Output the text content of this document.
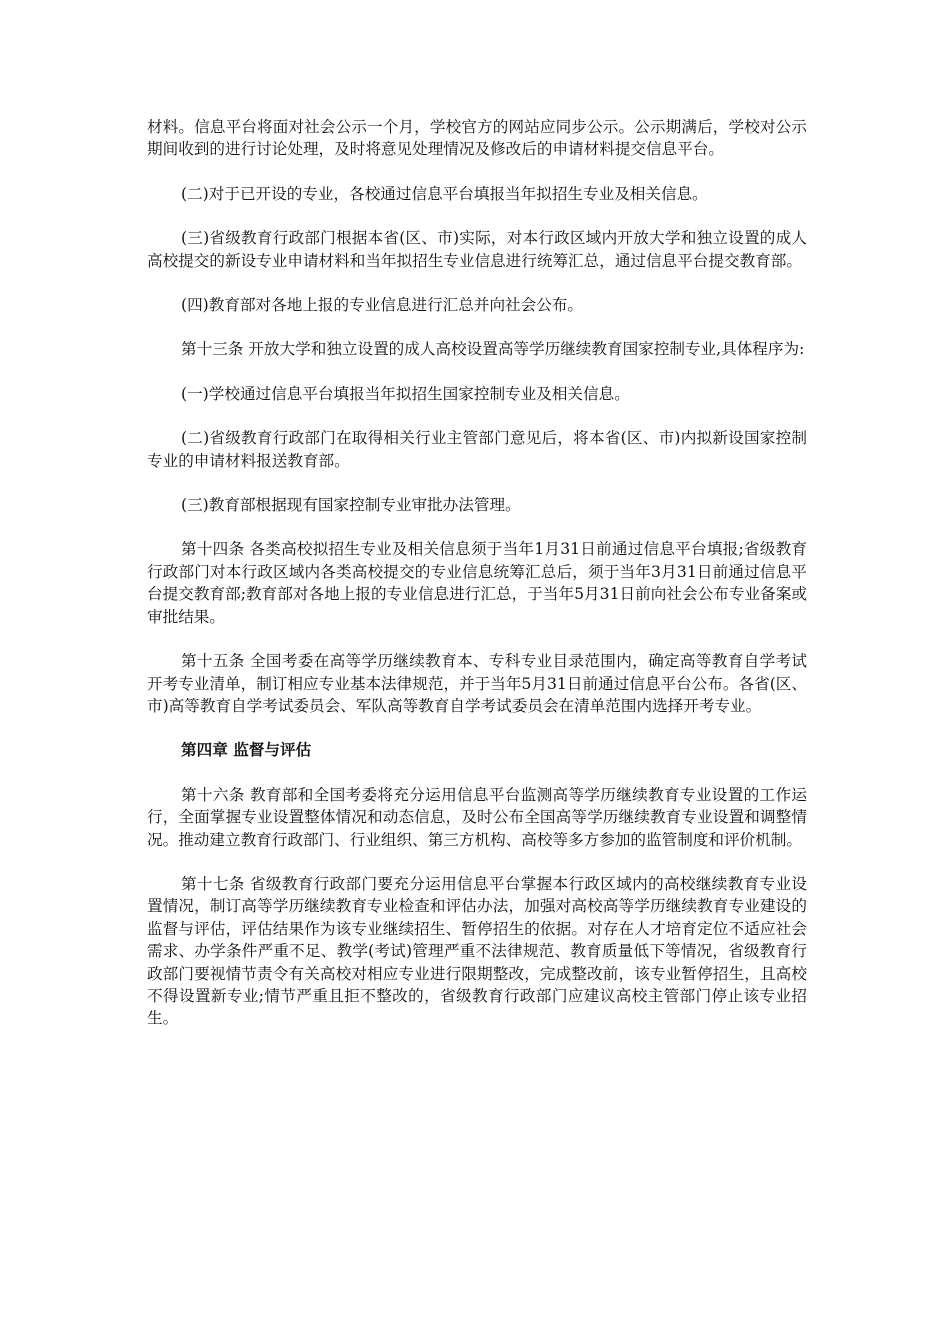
材料。信息平台将面对社会公示一个月，学校官方的网站应同步公示。公示期满后，学校对公示期间收到的进行讨论处理，及时将意见处理情况及修改后的申请材料提交信息平台。

(二)对于已开设的专业，各校通过信息平台填报当年拟招生专业及相关信息。

(三)省级教育行政部门根据本省(区、市)实际，对本行政区域内开放大学和独立设置的成人高校提交的新设专业申请材料和当年拟招生专业信息进行统筹汇总，通过信息平台提交教育部。

(四)教育部对各地上报的专业信息进行汇总并向社会公布。

第十三条 开放大学和独立设置的成人高校设置高等学历继续教育国家控制专业,具体程序为:

(一)学校通过信息平台填报当年拟招生国家控制专业及相关信息。

(二)省级教育行政部门在取得相关行业主管部门意见后，将本省(区、市)内拟新设国家控制专业的申请材料报送教育部。

(三)教育部根据现有国家控制专业审批办法管理。

第十四条 各类高校拟招生专业及相关信息须于当年1月31日前通过信息平台填报;省级教育行政部门对本行政区域内各类高校提交的专业信息统筹汇总后，须于当年3月31日前通过信息平台提交教育部;教育部对各地上报的专业信息进行汇总，于当年5月31日前向社会公布专业备案或审批结果。

第十五条 全国考委在高等学历继续教育本、专科专业目录范围内，确定高等教育自学考试开考专业清单，制订相应专业基本法律规范，并于当年5月31日前通过信息平台公布。各省(区、市)高等教育自学考试委员会、军队高等教育自学考试委员会在清单范围内选择开考专业。

第四章 监督与评估

第十六条 教育部和全国考委将充分运用信息平台监测高等学历继续教育专业设置的工作运行，全面掌握专业设置整体情况和动态信息，及时公布全国高等学历继续教育专业设置和调整情况。推动建立教育行政部门、行业组织、第三方机构、高校等多方参加的监管制度和评价机制。

第十七条 省级教育行政部门要充分运用信息平台掌握本行政区域内的高校继续教育专业设置情况，制订高等学历继续教育专业检查和评估办法，加强对高校高等学历继续教育专业建设的监督与评估，评估结果作为该专业继续招生、暂停招生的依据。对存在人才培育定位不适应社会需求、办学条件严重不足、教学(考试)管理严重不法律规范、教育质量低下等情况，省级教育行政部门要视情节责令有关高校对相应专业进行限期整改，完成整改前，该专业暂停招生，且高校不得设置新专业;情节严重且拒不整改的，省级教育行政部门应建议高校主管部门停止该专业招生。
